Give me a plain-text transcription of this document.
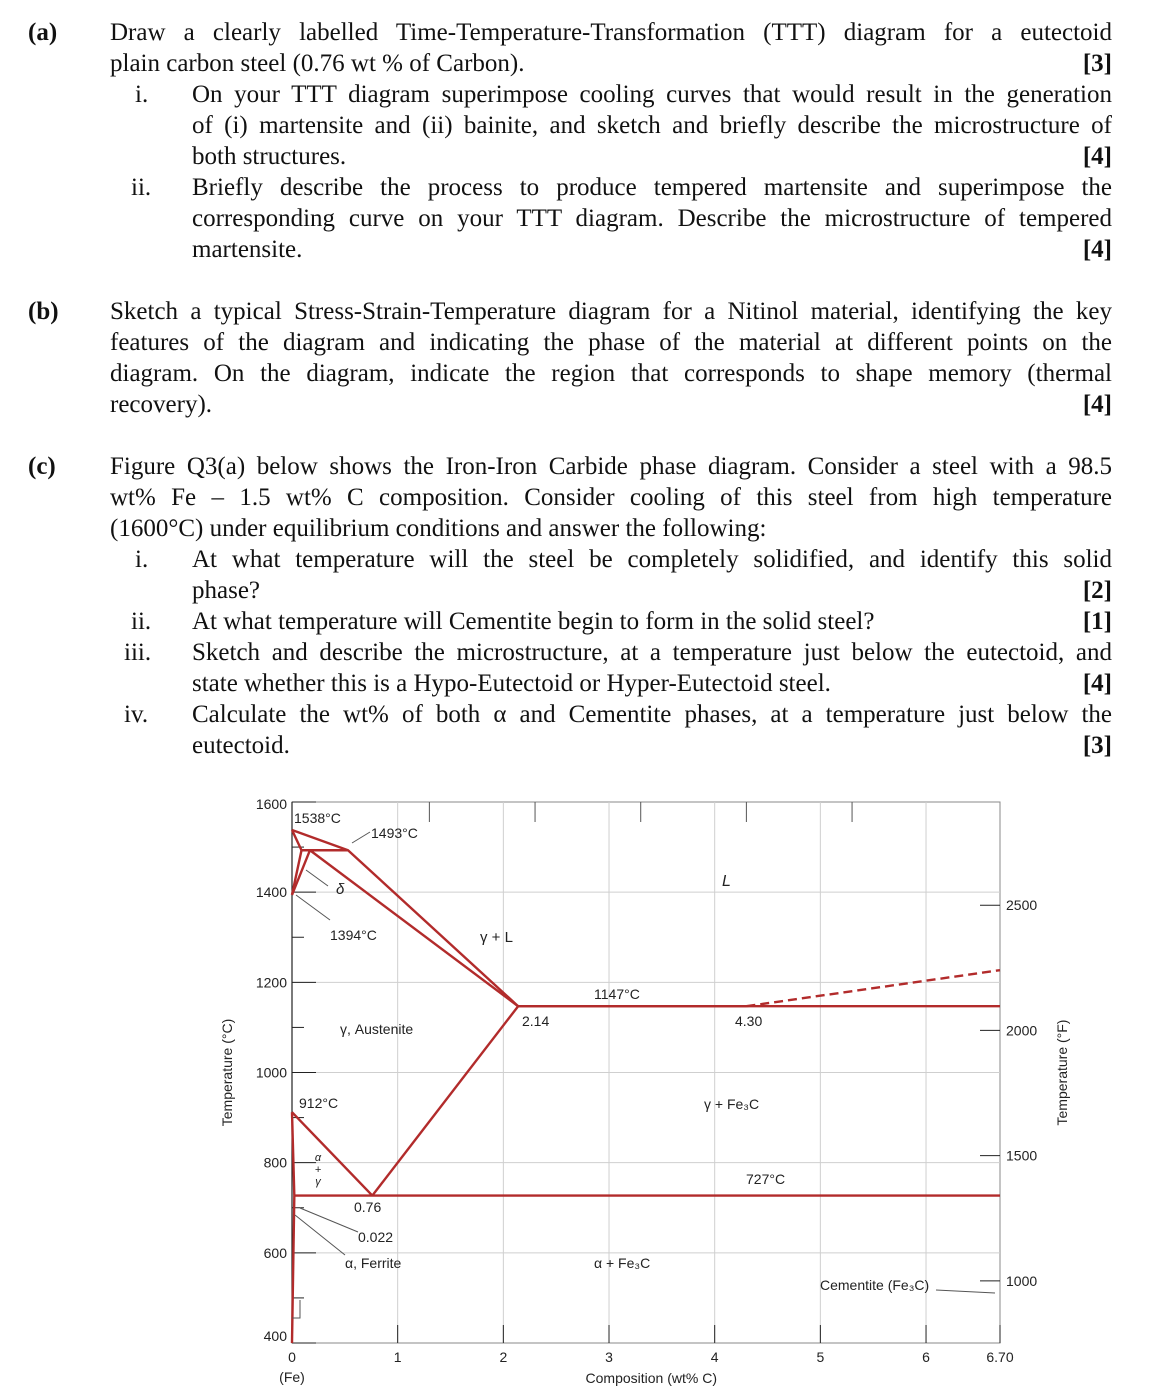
(a) Draw a clearly labelled Time-Temperature-Transformation (TTT) diagram for a eutectoid
plain carbon steel (0.76 wt % of Carbon).	[3]
i. On your TTT diagram superimpose cooling curves that would result in the generation
of (i) martensite and (ii) bainite, and sketch and briefly describe the microstructure of
both structures.	[4]
ii. Briefly describe the process to produce tempered martensite and superimpose the
corresponding curve on your TTT diagram. Describe the microstructure of tempered
martensite.	[4]
(b) Sketch a typical Stress-Strain-Temperature diagram for a Nitinol material, identifying the key
features of the diagram and indicating the phase of the material at different points on the
diagram. On the diagram, indicate the region that corresponds to shape memory (thermal
recovery).	[4]
(c) Figure Q3(a) below shows the Iron-Iron Carbide phase diagram. Consider a steel with a 98.5
wt% Fe – 1.5 wt% C composition. Consider cooling of this steel from high temperature
(1600°C) under equilibrium conditions and answer the following:
i. At what temperature will the steel be completely solidified, and identify this solid
phase?	[2]
ii. At what temperature will Cementite begin to form in the solid steel?	[1]
iii. Sketch and describe the microstructure, at a temperature just below the eutectoid, and
state whether this is a Hypo-Eutectoid or Hyper-Eutectoid steel.	[4]
iv. Calculate the wt% of both α and Cementite phases, at a temperature just below the
eutectoid.	[3]
400
600
800
1000
1200
1400
1600
0	1	2	3	4	5	6	6.70
(Fe)	Composition (wt% C)
Temperature (°C)
1000
1500
2000
2500
Temperature (°F)
1538°C
1493°C
1394°C
1147°C
912°C
727°C
2.14	4.30
0.76
0.022
δ	L
γ + L
γ, Austenite
γ + Fe₃C
α + Fe₃C
α, Ferrite
Cementite (Fe₃C)
α
+
γ
